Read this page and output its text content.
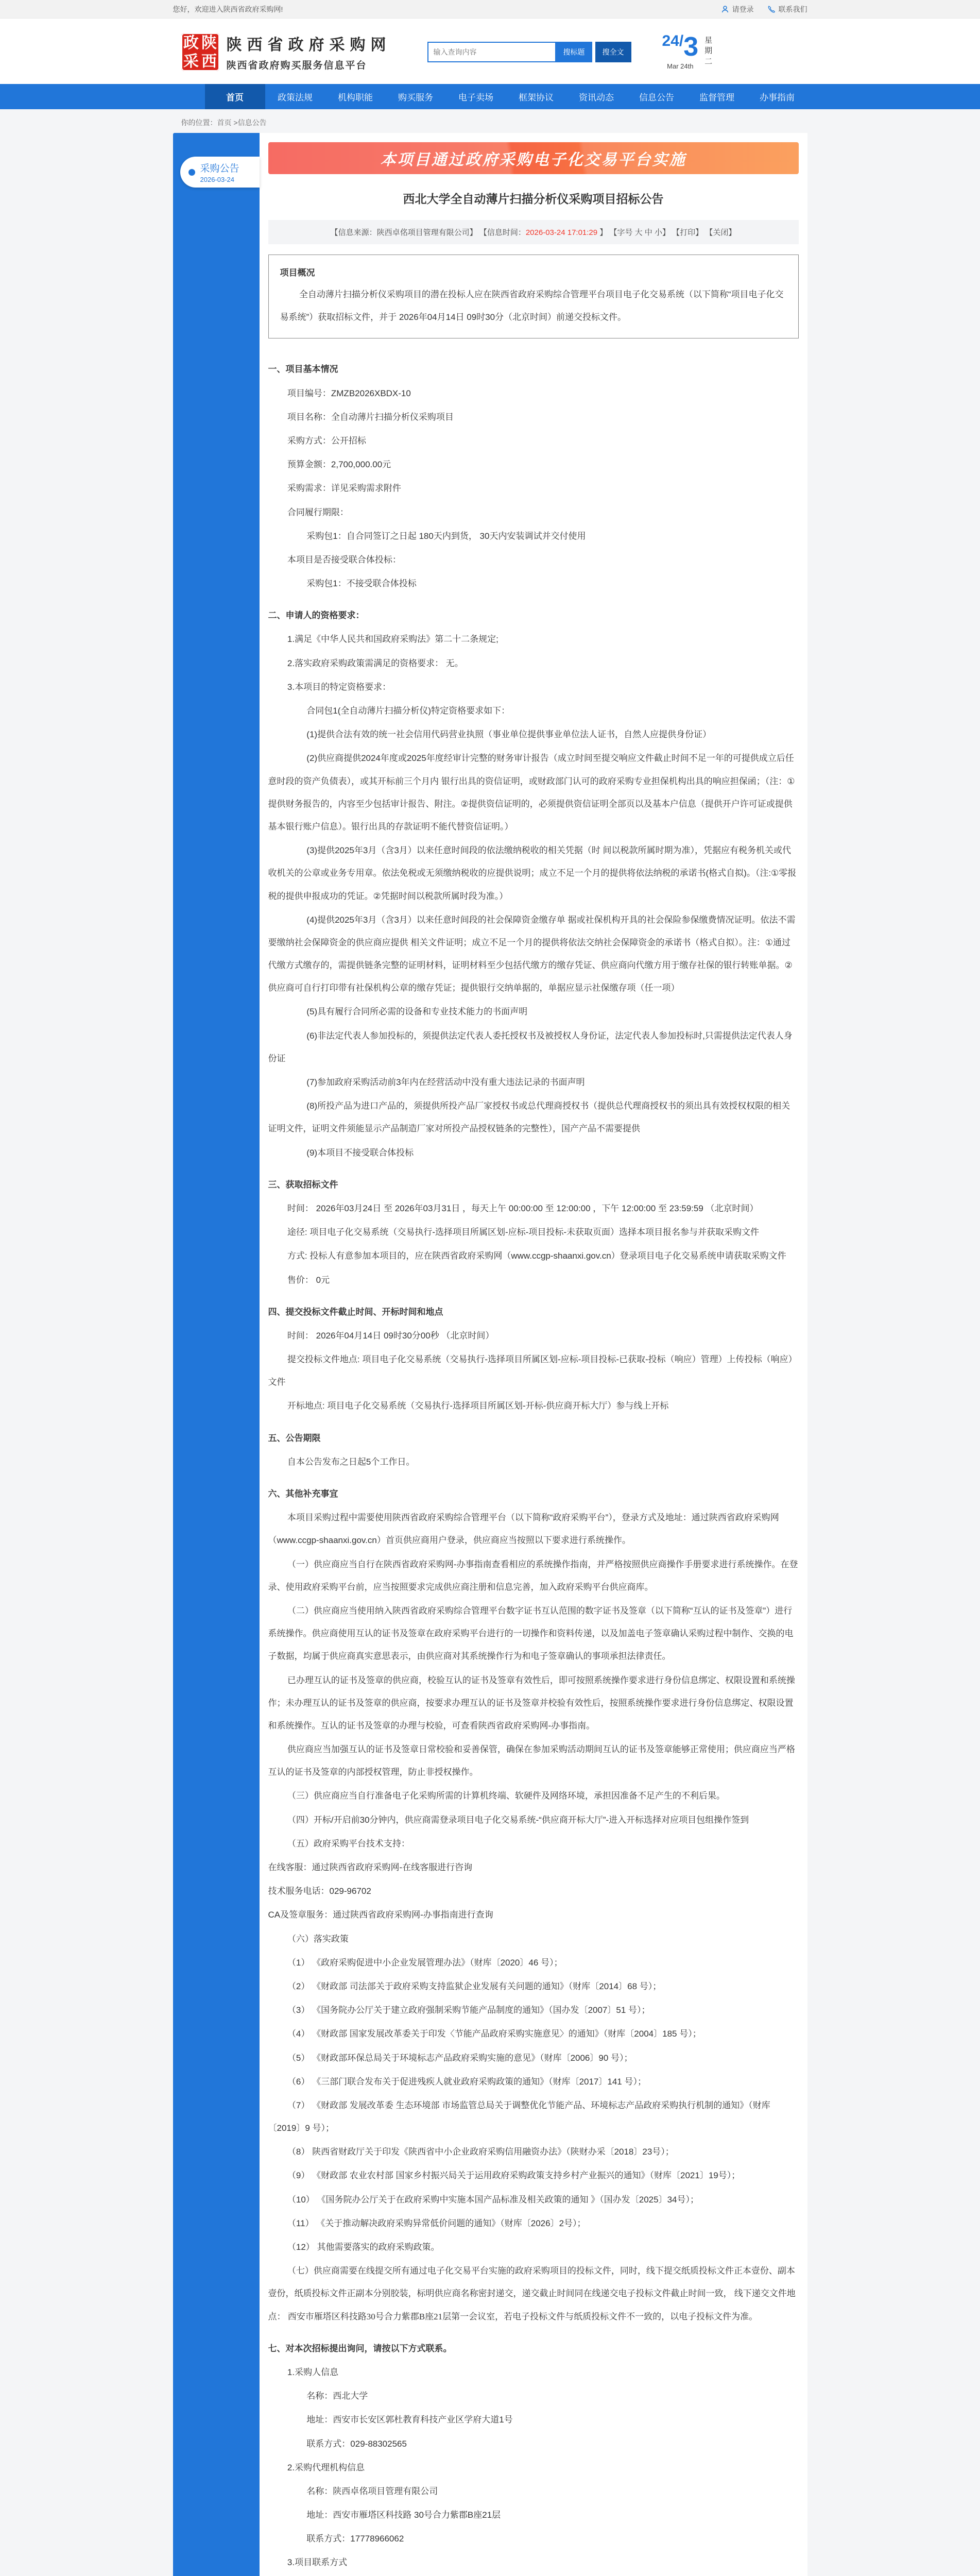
您好，欢迎进入陕西省政府采购网!	请登录	联系我们
政 陕
采 西
陕西省政府采购网
陕西省政府购买服务信息平台
输入查询内容
搜标题	搜全文
24/3
Mar 24th
星期二
首页	政策法规	机构职能	购买服务	电子卖场	框架协议	资讯动态	信息公告	监督管理	办事指南
你的位置：首页 >信息公告
采购公告
2026-03-24
本项目通过政府采购电子化交易平台实施
西北大学全自动薄片扫描分析仪采购项目招标公告
【信息来源：陕西卓佲项目管理有限公司】 【信息时间：2026-03-24 17:01:29 】 【字号 大 中 小】 【打印】 【关闭】
项目概况
全自动薄片扫描分析仪采购项目的潜在投标人应在陕西省政府采购综合管理平台项目电子化交易系统（以下简称“项目电子化交易系统”）获取招标文件，并于 2026年04月14日 09时30分（北京时间）前递交投标文件。
一、项目基本情况
项目编号：ZMZB2026XBDX-10
项目名称：全自动薄片扫描分析仪采购项目
采购方式：公开招标
预算金额：2,700,000.00元
采购需求：详见采购需求附件
合同履行期限：
采购包1：自合同签订之日起 180天内到货， 30天内安装调试并交付使用
本项目是否接受联合体投标：
采购包1：不接受联合体投标
二、申请人的资格要求：
1.满足《中华人民共和国政府采购法》第二十二条规定;
2.落实政府采购政策需满足的资格要求： 无。
3.本项目的特定资格要求：
合同包1(全自动薄片扫描分析仪)特定资格要求如下：
(1)提供合法有效的统一社会信用代码营业执照（事业单位提供事业单位法人证书，自然人应提供身份证）
(2)供应商提供2024年度或2025年度经审计完整的财务审计报告（成立时间至提交响应文件截止时间不足一年的可提供成立后任意时段的资产负债表），或其开标前三个月内 银行出具的资信证明，或财政部门认可的政府采购专业担保机构出具的响应担保函；（注：①提供财务报告的，内容至少包括审计报告、附注。②提供资信证明的，必须提供资信证明全部页以及基本户信息（提供开户许可证或提供基本银行账户信息）。银行出具的存款证明不能代替资信证明。）
(3)提供2025年3月（含3月）以来任意时间段的依法缴纳税收的相关凭据（时 间以税款所属时期为准），凭据应有税务机关或代收机关的公章或业务专用章。依法免税或无须缴纳税收的应提供说明；成立不足一个月的提供将依法纳税的承诺书(格式自拟)。（注:①零报税的提供申报成功的凭证。②凭据时间以税款所属时段为准。）
(4)提供2025年3月（含3月）以来任意时间段的社会保障资金缴存单 据或社保机构开具的社会保险参保缴费情况证明。依法不需要缴纳社会保障资金的供应商应提供 相关文件证明；成立不足一个月的提供将依法交纳社会保障资金的承诺书（格式自拟）。注：①通过代缴方式缴存的，需提供链条完整的证明材料，证明材料至少包括代缴方的缴存凭证、供应商向代缴方用于缴存社保的银行转账单据。②供应商可自行打印带有社保机构公章的缴存凭证；提供银行交纳单据的，单据应显示社保缴存项（任一项）
(5)具有履行合同所必需的设备和专业技术能力的书面声明
(6)非法定代表人参加投标的，须提供法定代表人委托授权书及被授权人身份证，法定代表人参加投标时,只需提供法定代表人身份证
(7)参加政府采购活动前3年内在经营活动中没有重大违法记录的书面声明
(8)所投产品为进口产品的，须提供所投产品厂家授权书或总代理商授权书（提供总代理商授权书的须出具有效授权权限的相关证明文件，证明文件须能显示产品制造厂家对所投产品授权链条的完整性），国产产品不需要提供
(9)本项目不接受联合体投标
三、获取招标文件
时间： 2026年03月24日 至 2026年03月31日 ，每天上午 00:00:00 至 12:00:00 ，下午 12:00:00 至 23:59:59 （北京时间）
途径: 项目电子化交易系统（交易执行-选择项目所属区划-应标-项目投标-未获取页面）选择本项目报名参与并获取采购文件
方式: 投标人有意参加本项目的，应在陕西省政府采购网（www.ccgp-shaanxi.gov.cn）登录项目电子化交易系统申请获取采购文件
售价： 0元
四、提交投标文件截止时间、开标时间和地点
时间： 2026年04月14日 09时30分00秒 （北京时间）
提交投标文件地点: 项目电子化交易系统（交易执行-选择项目所属区划-应标-项目投标-已获取-投标（响应）管理）上传投标（响应）文件
开标地点: 项目电子化交易系统（交易执行-选择项目所属区划-开标-供应商开标大厅）参与线上开标
五、公告期限
自本公告发布之日起5个工作日。
六、其他补充事宜
本项目采购过程中需要使用陕西省政府采购综合管理平台（以下简称“政府采购平台”），登录方式及地址：通过陕西省政府采购网（www.ccgp-shaanxi.gov.cn）首页供应商用户登录，供应商应当按照以下要求进行系统操作。
（一）供应商应当自行在陕西省政府采购网-办事指南查看相应的系统操作指南，并严格按照供应商操作手册要求进行系统操作。在登录、使用政府采购平台前，应当按照要求完成供应商注册和信息完善，加入政府采购平台供应商库。
（二）供应商应当使用纳入陕西省政府采购综合管理平台数字证书互认范围的数字证书及签章（以下简称“互认的证书及签章”）进行系统操作。供应商使用互认的证书及签章在政府采购平台进行的一切操作和资料传递，以及加盖电子签章确认采购过程中制作、交换的电子数据，均属于供应商真实意思表示，由供应商对其系统操作行为和电子签章确认的事项承担法律责任。
已办理互认的证书及签章的供应商，校验互认的证书及签章有效性后，即可按照系统操作要求进行身份信息绑定、权限设置和系统操作；未办理互认的证书及签章的供应商，按要求办理互认的证书及签章并校验有效性后，按照系统操作要求进行身份信息绑定、权限设置和系统操作。互认的证书及签章的办理与校验，可查看陕西省政府采购网-办事指南。
供应商应当加强互认的证书及签章日常校验和妥善保管，确保在参加采购活动期间互认的证书及签章能够正常使用；供应商应当严格互认的证书及签章的内部授权管理，防止非授权操作。
（三）供应商应当自行准备电子化采购所需的计算机终端、软硬件及网络环境，承担因准备不足产生的不利后果。
（四）开标/开启前30分钟内，供应商需登录项目电子化交易系统-“供应商开标大厅”-进入开标选择对应项目包组操作签到
（五）政府采购平台技术支持：
在线客服：通过陕西省政府采购网-在线客服进行咨询
技术服务电话：029-96702
CA及签章服务：通过陕西省政府采购网-办事指南进行查询
（六）落实政策
（1） 《政府采购促进中小企业发展管理办法》（财库〔2020〕46 号）；
（2） 《财政部 司法部关于政府采购支持监狱企业发展有关问题的通知》（财库〔2014〕68 号）；
（3） 《国务院办公厅关于建立政府强制采购节能产品制度的通知》（国办发〔2007〕51 号）；
（4） 《财政部 国家发展改革委关于印发〈节能产品政府采购实施意见〉的通知》（财库〔2004〕185 号）；
（5） 《财政部环保总局关于环境标志产品政府采购实施的意见》（财库〔2006〕90 号）；
（6） 《三部门联合发布关于促进残疾人就业政府采购政策的通知》（财库〔2017〕141 号）；
（7） 《财政部 发展改革委 生态环境部 市场监管总局关于调整优化节能产品、环境标志产品政府采购执行机制的通知》（财库〔2019〕9 号）；
（8） 陕西省财政厅关于印发《陕西省中小企业政府采购信用融资办法》（陕财办采〔2018〕23号）；
（9） 《财政部 农业农村部 国家乡村振兴局关于运用政府采购政策支持乡村产业振兴的通知》（财库〔2021〕19号）；
（10） 《国务院办公厅关于在政府采购中实施本国产品标准及相关政策的通知 》（国办发〔2025〕34号）；
（11） 《关于推动解决政府采购异常低价问题的通知》（财库〔2026〕2号）；
（12） 其他需要落实的政府采购政策。
（七）供应商需要在线提交所有通过电子化交易平台实施的政府采购项目的投标文件，同时，线下提交纸质投标文件正本壹份、副本壹份，纸质投标文件正副本分别胶装，标明供应商名称密封递交，递交截止时间同在线递交电子投标文件截止时间一致， 线下递交文件地点： 西安市雁塔区科技路30号合力紫郡B座21层第一会议室，若电子投标文件与纸质投标文件不一致的，以电子投标文件为准。
七、对本次招标提出询问，请按以下方式联系。
1.采购人信息
名称：西北大学
地址：西安市长安区郭杜教育科技产业区学府大道1号
联系方式：029-88302565
2.采购代理机构信息
名称：陕西卓佲项目管理有限公司
地址：西安市雁塔区科技路 30号合力紫郡B座21层
联系方式：17778966062
3.项目联系方式
